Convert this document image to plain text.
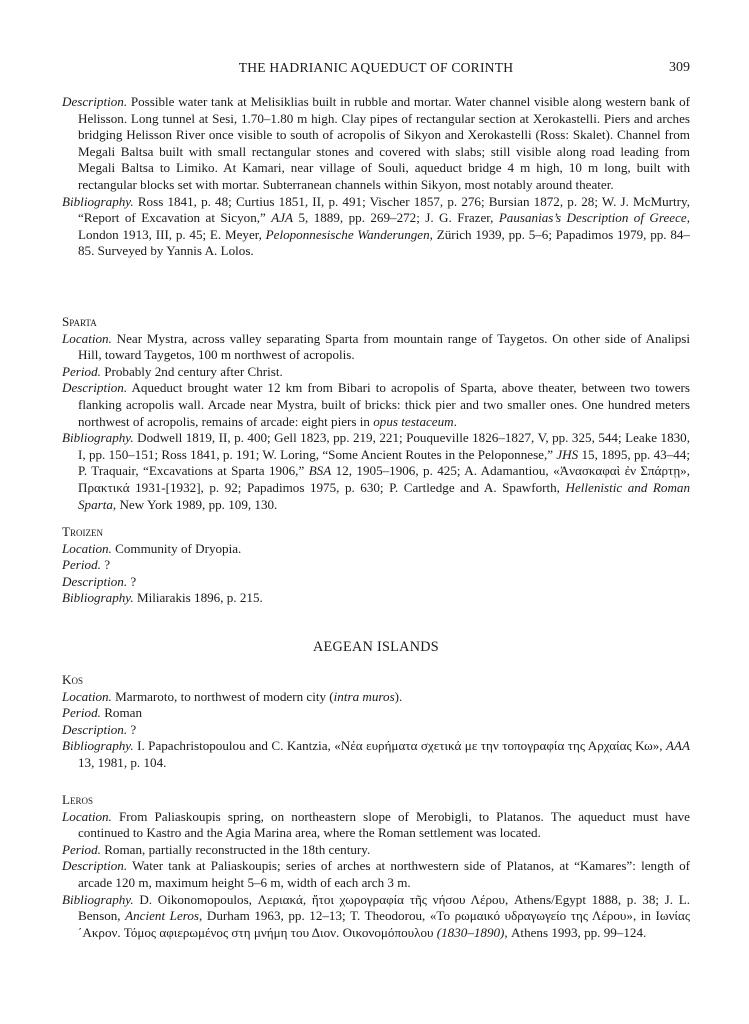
THE HADRIANIC AQUEDUCT OF CORINTH	309
Description. Possible water tank at Melisiklias built in rubble and mortar. Water channel visible along western bank of Helisson. Long tunnel at Sesi, 1.70–1.80 m high. Clay pipes of rectangular section at Xerokastelli. Piers and arches bridging Helisson River once visible to south of acropolis of Sikyon and Xerokastelli (Ross: Skalet). Channel from Megali Baltsa built with small rectangular stones and covered with slabs; still visible along road leading from Megali Baltsa to Limiko. At Kamari, near village of Souli, aqueduct bridge 4 m high, 10 m long, built with rectangular blocks set with mortar. Subterranean channels within Sikyon, most notably around theater.
Bibliography. Ross 1841, p. 48; Curtius 1851, II, p. 491; Vischer 1857, p. 276; Bursian 1872, p. 28; W. J. McMurtry, “Report of Excavation at Sicyon,” AJA 5, 1889, pp. 269–272; J. G. Frazer, Pausanias’s Description of Greece, London 1913, III, p. 45; E. Meyer, Peloponnesische Wanderungen, Zürich 1939, pp. 5–6; Papadimos 1979, pp. 84–85. Surveyed by Yannis A. Lolos.
Sparta
Location. Near Mystra, across valley separating Sparta from mountain range of Taygetos. On other side of Analipsi Hill, toward Taygetos, 100 m northwest of acropolis.
Period. Probably 2nd century after Christ.
Description. Aqueduct brought water 12 km from Bibari to acropolis of Sparta, above theater, between two towers flanking acropolis wall. Arcade near Mystra, built of bricks: thick pier and two smaller ones. One hundred meters northwest of acropolis, remains of arcade: eight piers in opus testaceum.
Bibliography. Dodwell 1819, II, p. 400; Gell 1823, pp. 219, 221; Pouqueville 1826–1827, V, pp. 325, 544; Leake 1830, I, pp. 150–151; Ross 1841, p. 191; W. Loring, “Some Ancient Routes in the Peloponnese,” JHS 15, 1895, pp. 43–44; P. Traquair, “Excavations at Sparta 1906,” BSA 12, 1905–1906, p. 425; A. Adamantiou, «Ἀνασκαφαὶ ἐν Σπάρτῃ», Πρακτικά 1931-[1932], p. 92; Papadimos 1975, p. 630; P. Cartledge and A. Spawforth, Hellenistic and Roman Sparta, New York 1989, pp. 109, 130.
Troizen
Location. Community of Dryopia.
Period. ?
Description. ?
Bibliography. Miliarakis 1896, p. 215.
AEGEAN ISLANDS
Kos
Location. Marmaroto, to northwest of modern city (intra muros).
Period. Roman
Description. ?
Bibliography. I. Papachristopoulou and C. Kantzia, «Νέα ευρήματα σχετικά με την τοπογραφία της Αρχαίας Κω», AAA 13, 1981, p. 104.
Leros
Location. From Paliaskoupis spring, on northeastern slope of Merobigli, to Platanos. The aqueduct must have continued to Kastro and the Agia Marina area, where the Roman settlement was located.
Period. Roman, partially reconstructed in the 18th century.
Description. Water tank at Paliaskoupis; series of arches at northwestern side of Platanos, at “Kamares”: length of arcade 120 m, maximum height 5–6 m, width of each arch 3 m.
Bibliography. D. Oikonomopoulos, Λεριακά, ἤτοι χωρογραφία τῆς νήσου Λέρου, Athens/Egypt 1888, p. 38; J. L. Benson, Ancient Leros, Durham 1963, pp. 12–13; T. Theodorou, «Το ρωμαικό υδραγωγείο της Λέρου», in Ιωνίας ΄Ακρον. Τόμος αφιερωμένος στη μνήμη του Διον. Οικονομόπουλου (1830–1890), Athens 1993, pp. 99–124.
